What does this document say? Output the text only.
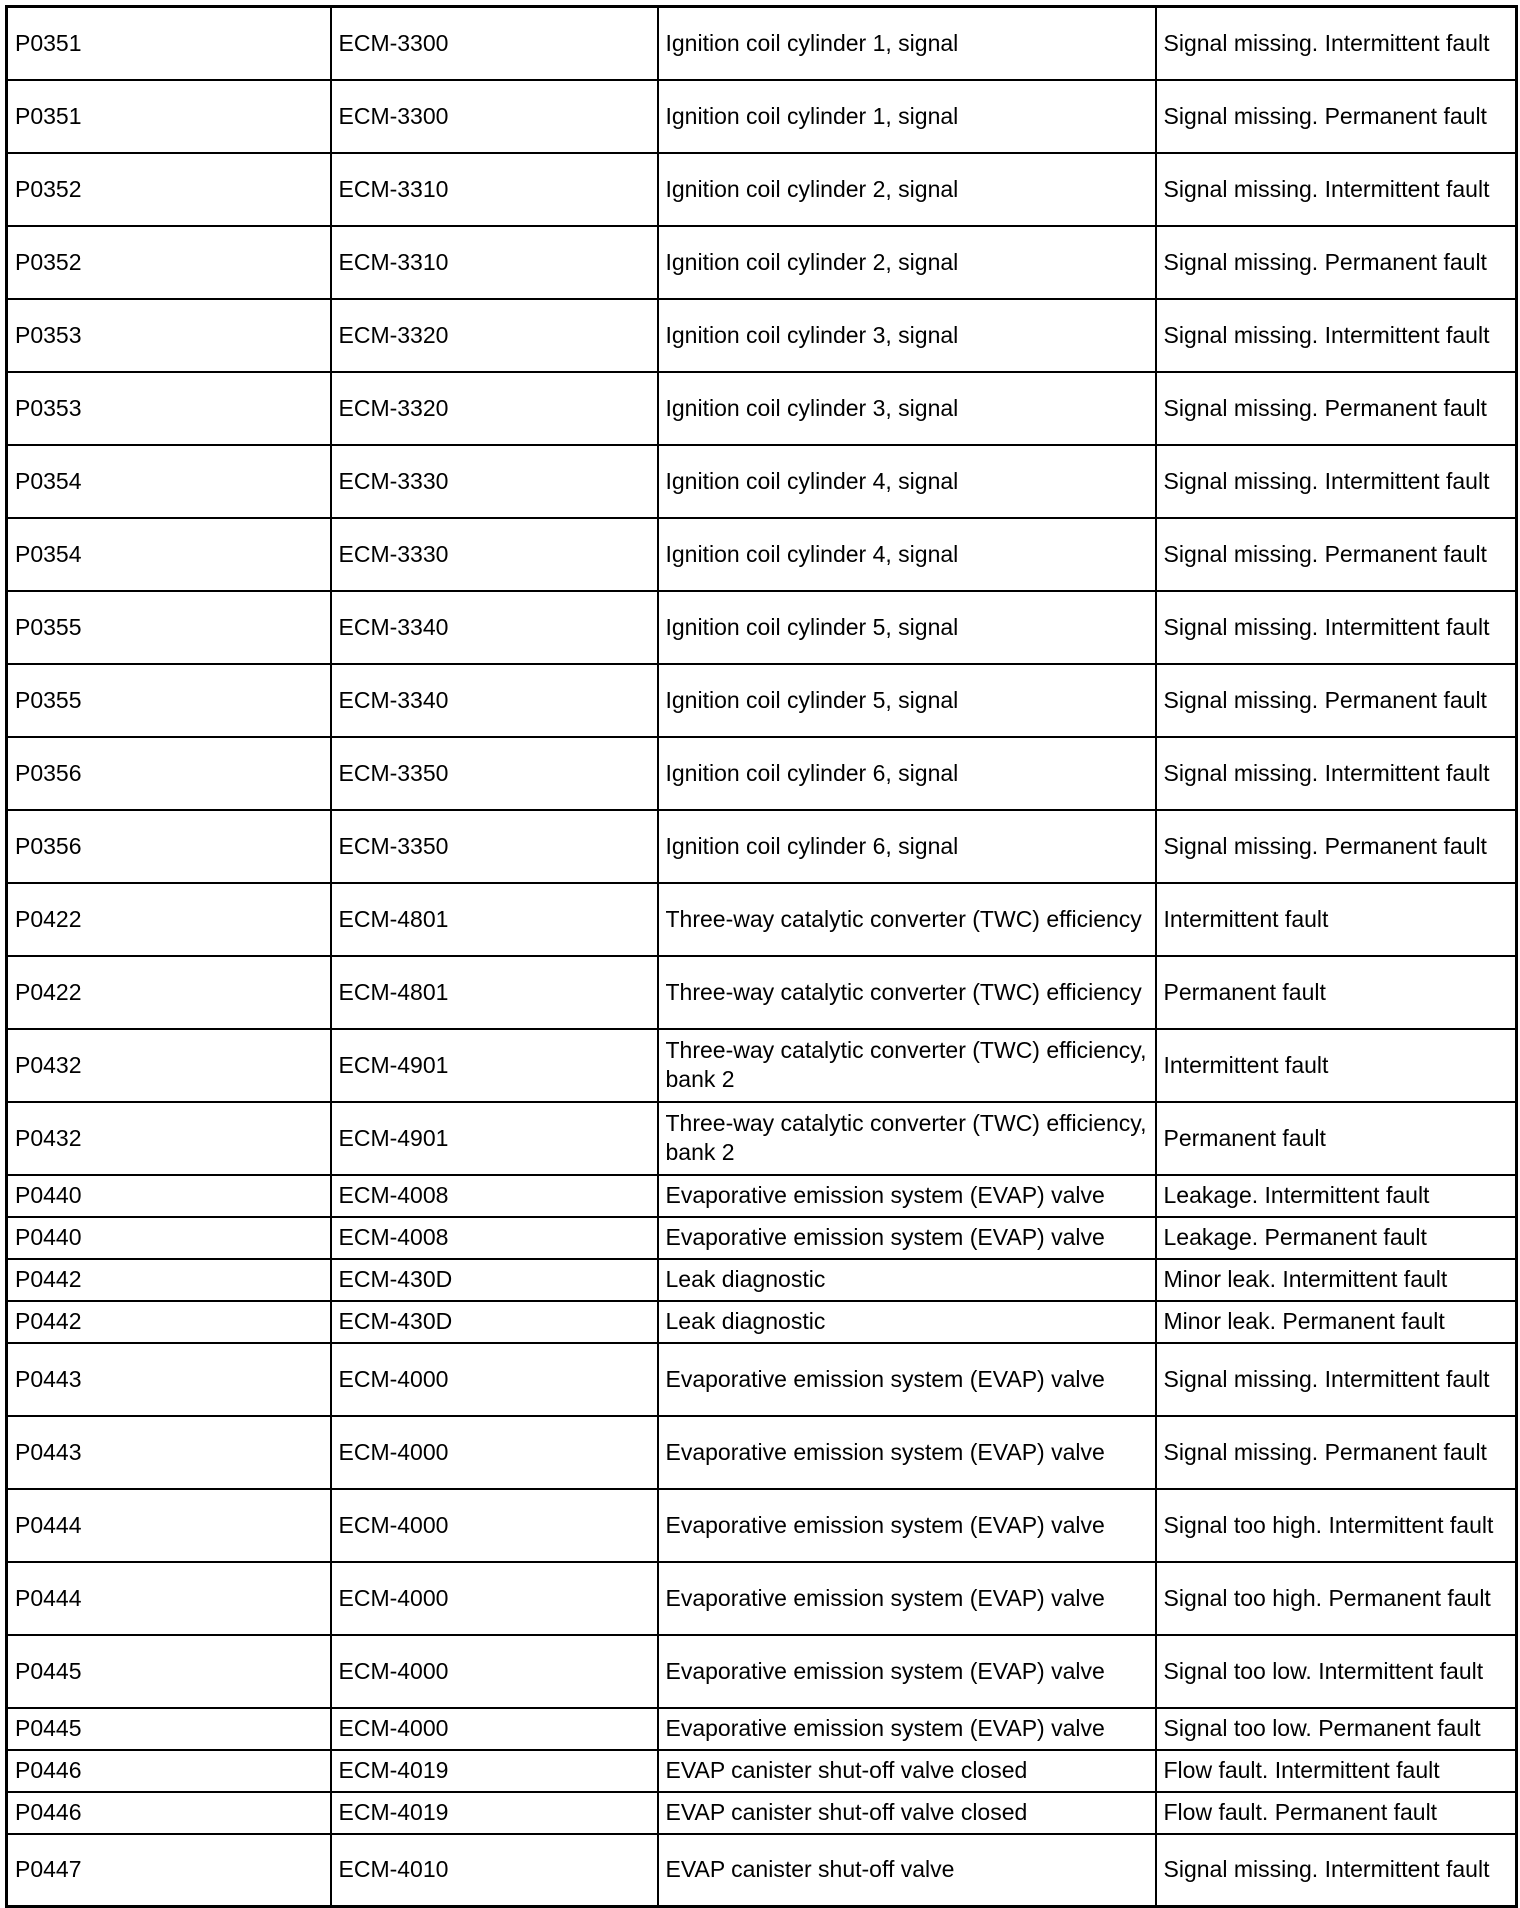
P0351	ECM-3300	Ignition coil cylinder 1, signal	Signal missing. Intermittent fault
P0351	ECM-3300	Ignition coil cylinder 1, signal	Signal missing. Permanent fault
P0352	ECM-3310	Ignition coil cylinder 2, signal	Signal missing. Intermittent fault
P0352	ECM-3310	Ignition coil cylinder 2, signal	Signal missing. Permanent fault
P0353	ECM-3320	Ignition coil cylinder 3, signal	Signal missing. Intermittent fault
P0353	ECM-3320	Ignition coil cylinder 3, signal	Signal missing. Permanent fault
P0354	ECM-3330	Ignition coil cylinder 4, signal	Signal missing. Intermittent fault
P0354	ECM-3330	Ignition coil cylinder 4, signal	Signal missing. Permanent fault
P0355	ECM-3340	Ignition coil cylinder 5, signal	Signal missing. Intermittent fault
P0355	ECM-3340	Ignition coil cylinder 5, signal	Signal missing. Permanent fault
P0356	ECM-3350	Ignition coil cylinder 6, signal	Signal missing. Intermittent fault
P0356	ECM-3350	Ignition coil cylinder 6, signal	Signal missing. Permanent fault
P0422	ECM-4801	Three-way catalytic converter (TWC) efficiency	Intermittent fault
P0422	ECM-4801	Three-way catalytic converter (TWC) efficiency	Permanent fault
P0432	ECM-4901	Three-way catalytic converter (TWC) efficiency, bank 2	Intermittent fault
P0432	ECM-4901	Three-way catalytic converter (TWC) efficiency, bank 2	Permanent fault
P0440	ECM-4008	Evaporative emission system (EVAP) valve	Leakage. Intermittent fault
P0440	ECM-4008	Evaporative emission system (EVAP) valve	Leakage. Permanent fault
P0442	ECM-430D	Leak diagnostic	Minor leak. Intermittent fault
P0442	ECM-430D	Leak diagnostic	Minor leak. Permanent fault
P0443	ECM-4000	Evaporative emission system (EVAP) valve	Signal missing. Intermittent fault
P0443	ECM-4000	Evaporative emission system (EVAP) valve	Signal missing. Permanent fault
P0444	ECM-4000	Evaporative emission system (EVAP) valve	Signal too high. Intermittent fault
P0444	ECM-4000	Evaporative emission system (EVAP) valve	Signal too high. Permanent fault
P0445	ECM-4000	Evaporative emission system (EVAP) valve	Signal too low. Intermittent fault
P0445	ECM-4000	Evaporative emission system (EVAP) valve	Signal too low. Permanent fault
P0446	ECM-4019	EVAP canister shut-off valve closed	Flow fault. Intermittent fault
P0446	ECM-4019	EVAP canister shut-off valve closed	Flow fault. Permanent fault
P0447	ECM-4010	EVAP canister shut-off valve	Signal missing. Intermittent fault
